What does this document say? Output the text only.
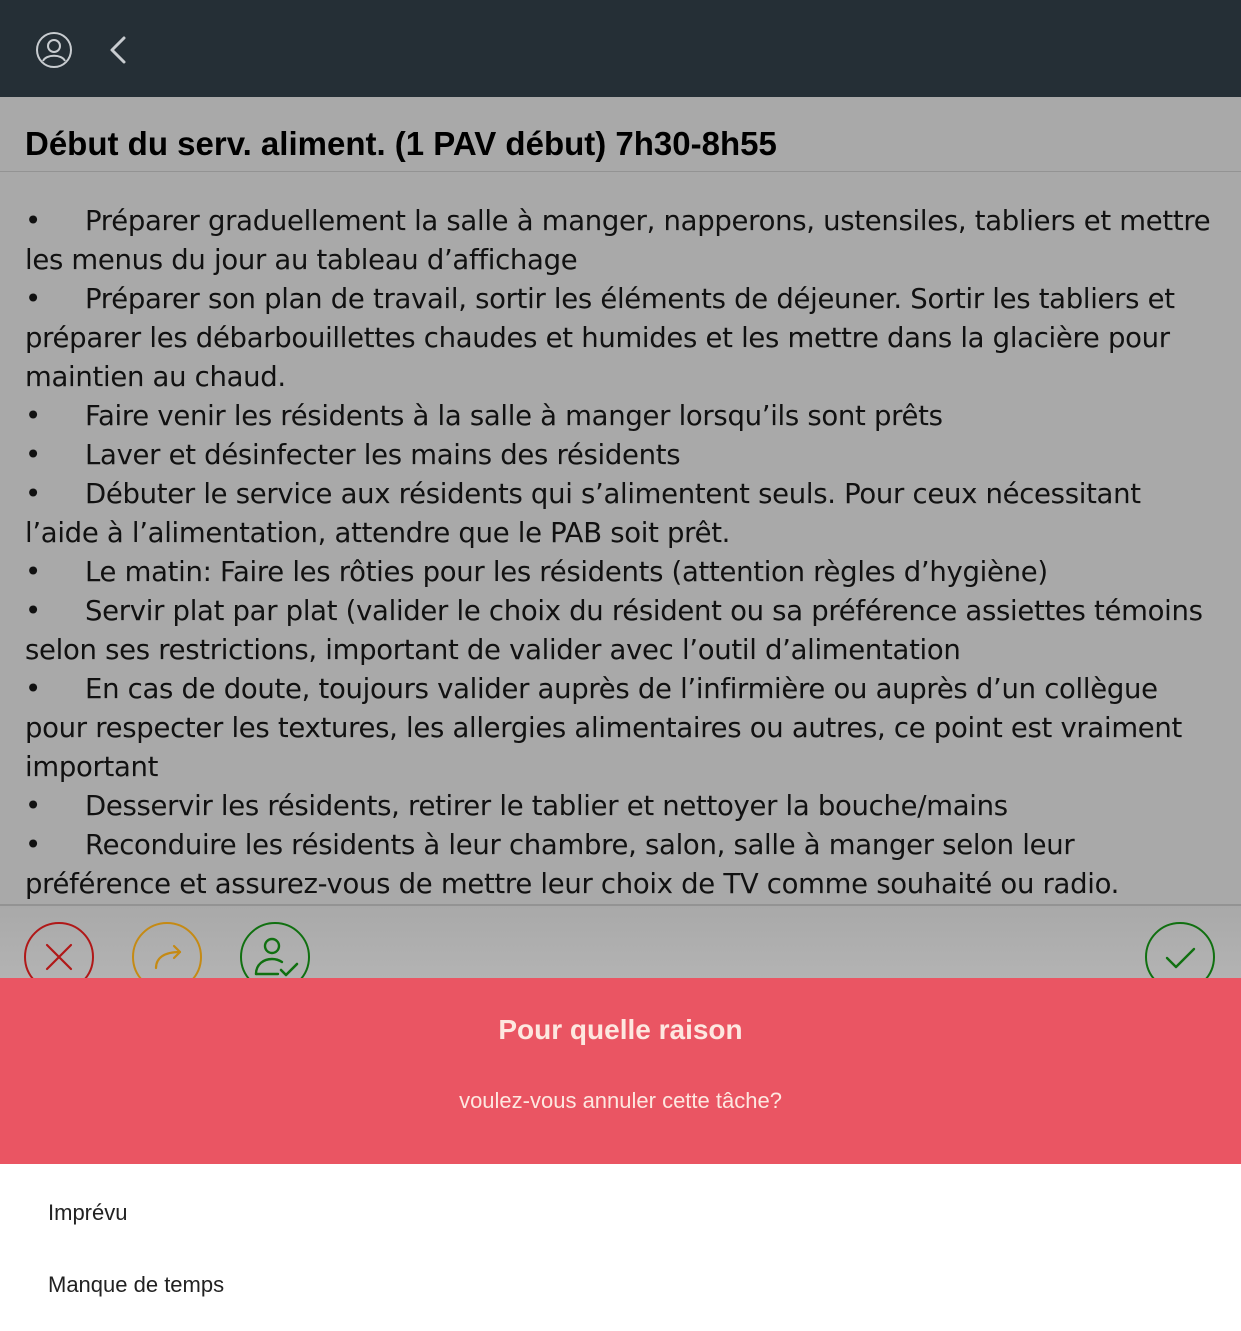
Début du serv. aliment. (1 PAV début) 7h30-8h55
• Préparer graduellement la salle à manger, napperons, ustensiles, tabliers et mettre les menus du jour au tableau d’affichage
• Préparer son plan de travail, sortir les éléments de déjeuner. Sortir les tabliers et préparer les débarbouillettes chaudes et humides et les mettre dans la glacière pour maintien au chaud.
• Faire venir les résidents à la salle à manger lorsqu’ils sont prêts
• Laver et désinfecter les mains des résidents
• Débuter le service aux résidents qui s’alimentent seuls. Pour ceux nécessitant l’aide à l’alimentation, attendre que le PAB soit prêt.
• Le matin: Faire les rôties pour les résidents (attention règles d’hygiène)
• Servir plat par plat (valider le choix du résident ou sa préférence assiettes témoins selon ses restrictions, important de valider avec l’outil d’alimentation
• En cas de doute, toujours valider auprès de l’infirmière ou auprès d’un collègue pour respecter les textures, les allergies alimentaires ou autres, ce point est vraiment important
• Desservir les résidents, retirer le tablier et nettoyer la bouche/mains
• Reconduire les résidents à leur chambre, salon, salle à manger selon leur préférence et assurez-vous de mettre leur choix de TV comme souhaité ou radio.
Pour quelle raison

voulez-vous annuler cette tâche?

Imprévu
Manque de temps
